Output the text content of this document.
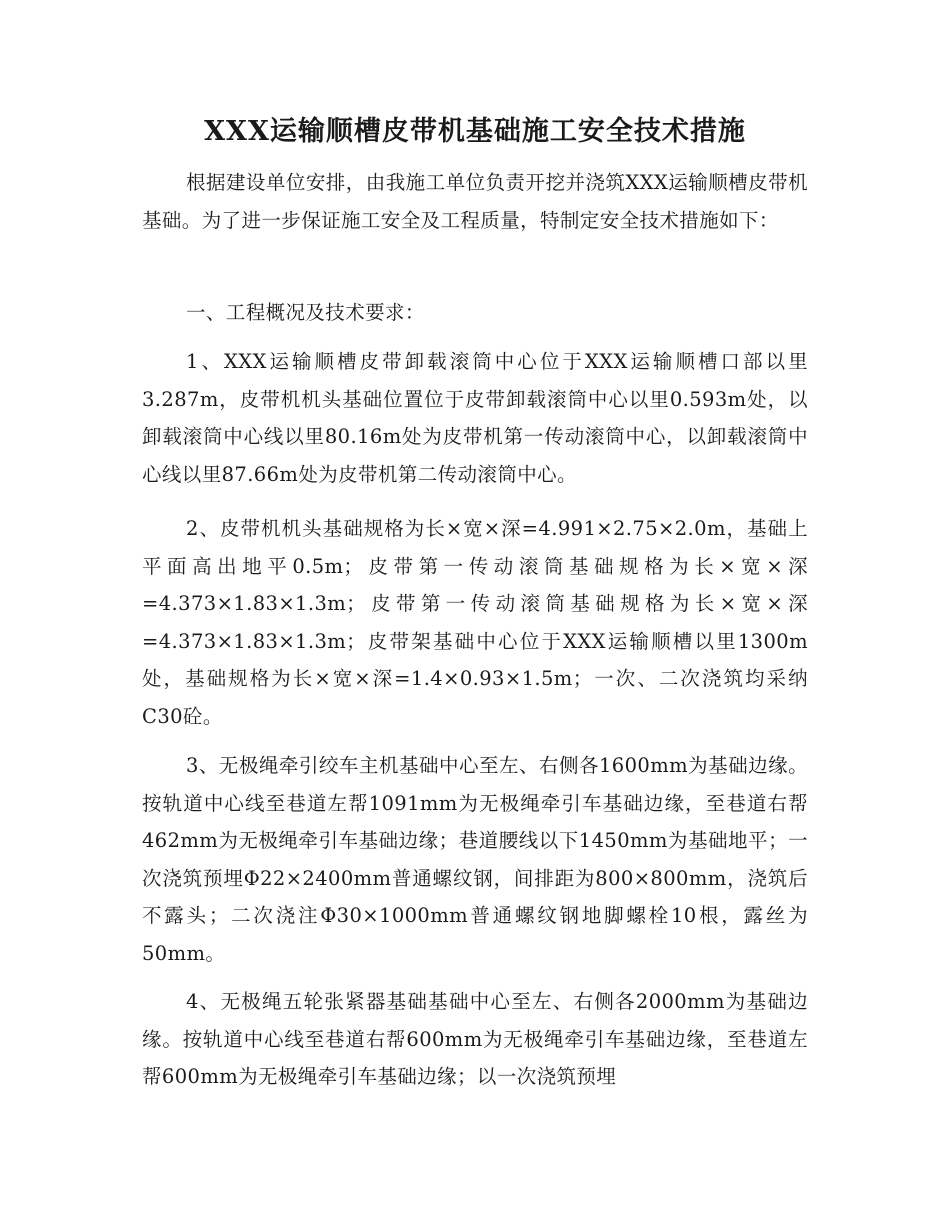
XXX运输顺槽皮带机基础施工安全技术措施

根据建设单位安排，由我施工单位负责开挖并浇筑XXX运输顺槽皮带机基础。为了进一步保证施工安全及工程质量，特制定安全技术措施如下：

一、工程概况及技术要求：

1、XXX运输顺槽皮带卸载滚筒中心位于XXX运输顺槽口部以里3.287m，皮带机机头基础位置位于皮带卸载滚筒中心以里0.593m处，以卸载滚筒中心线以里80.16m处为皮带机第一传动滚筒中心，以卸载滚筒中心线以里87.66m处为皮带机第二传动滚筒中心。

2、皮带机机头基础规格为长×宽×深=4.991×2.75×2.0m，基础上平面高出地平0.5m；皮带第一传动滚筒基础规格为长×宽×深=4.373×1.83×1.3m；皮带第一传动滚筒基础规格为长×宽×深=4.373×1.83×1.3m；皮带架基础中心位于XXX运输顺槽以里1300m处，基础规格为长×宽×深=1.4×0.93×1.5m；一次、二次浇筑均采纳C30砼。

3、无极绳牵引绞车主机基础中心至左、右侧各1600mm为基础边缘。按轨道中心线至巷道左帮1091mm为无极绳牵引车基础边缘，至巷道右帮462mm为无极绳牵引车基础边缘；巷道腰线以下1450mm为基础地平；一次浇筑预埋Φ22×2400mm普通螺纹钢，间排距为800×800mm，浇筑后不露头；二次浇注Φ30×1000mm普通螺纹钢地脚螺栓10根，露丝为50mm。

4、无极绳五轮张紧器基础基础中心至左、右侧各2000mm为基础边缘。按轨道中心线至巷道右帮600mm为无极绳牵引车基础边缘，至巷道左帮600mm为无极绳牵引车基础边缘；以一次浇筑预埋
